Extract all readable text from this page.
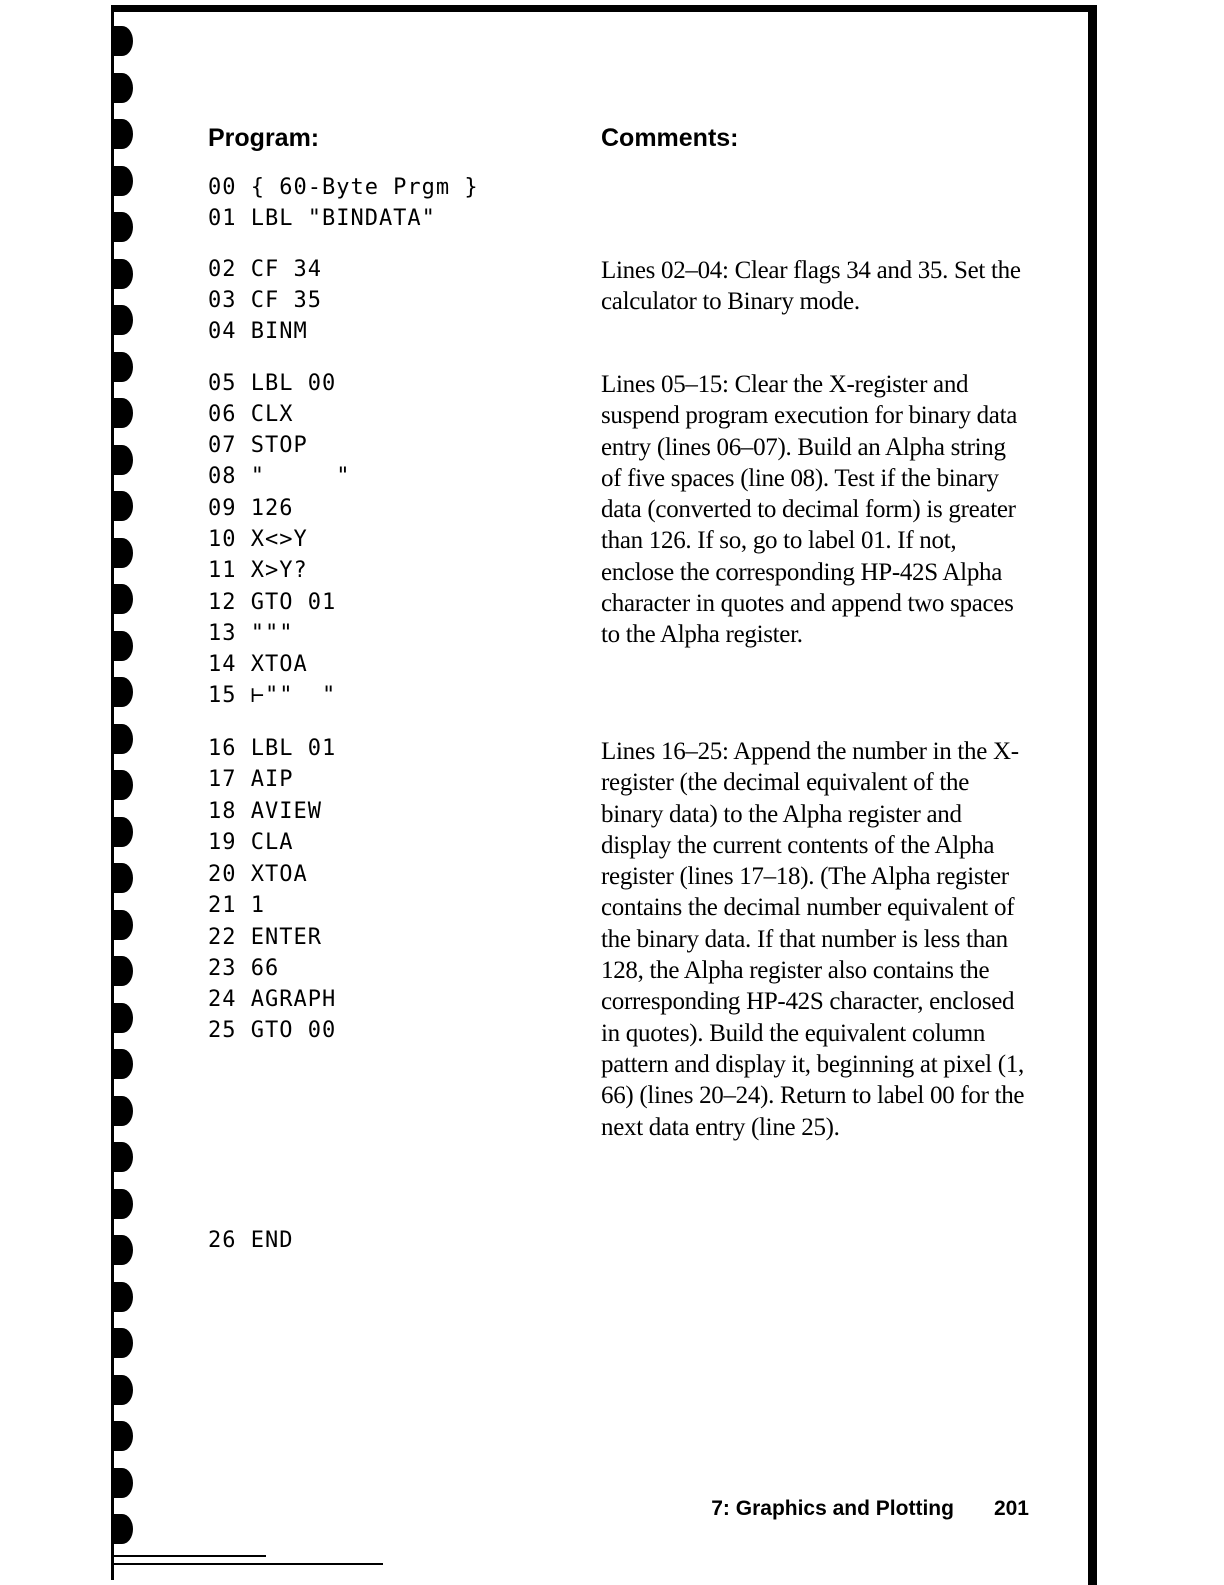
Program:	Comments:
00 { 60-Byte Prgm }
01 LBL "BINDATA"
02 CF 34
03 CF 35
04 BINM
05 LBL 00
06 CLX
07 STOP
08 "     "
09 126
10 X<>Y
11 X>Y?
12 GTO 01
13 """
14 XTOA
15 ⊢""  "
16 LBL 01
17 AIP
18 AVIEW
19 CLA
20 XTOA
21 1
22 ENTER
23 66
24 AGRAPH
25 GTO 00
26 END
Lines 02–04: Clear flags 34 and 35. Set the calculator to Binary mode.
Lines 05–15: Clear the X-register and suspend program execution for binary data entry (lines 06–07). Build an Alpha string of five spaces (line 08). Test if the binary data (converted to decimal form) is greater than 126. If so, go to label 01. If not, enclose the corresponding HP-42S Alpha character in quotes and append two spaces to the Alpha register.
Lines 16–25: Append the number in the X-register (the decimal equivalent of the binary data) to the Alpha register and display the current contents of the Alpha register (lines 17–18). (The Alpha register contains the decimal number equivalent of the binary data. If that number is less than 128, the Alpha register also contains the corresponding HP-42S character, enclosed in quotes). Build the equivalent column pattern and display it, beginning at pixel (1, 66) (lines 20–24). Return to label 00 for the next data entry (line 25).
7: Graphics and Plotting 201
